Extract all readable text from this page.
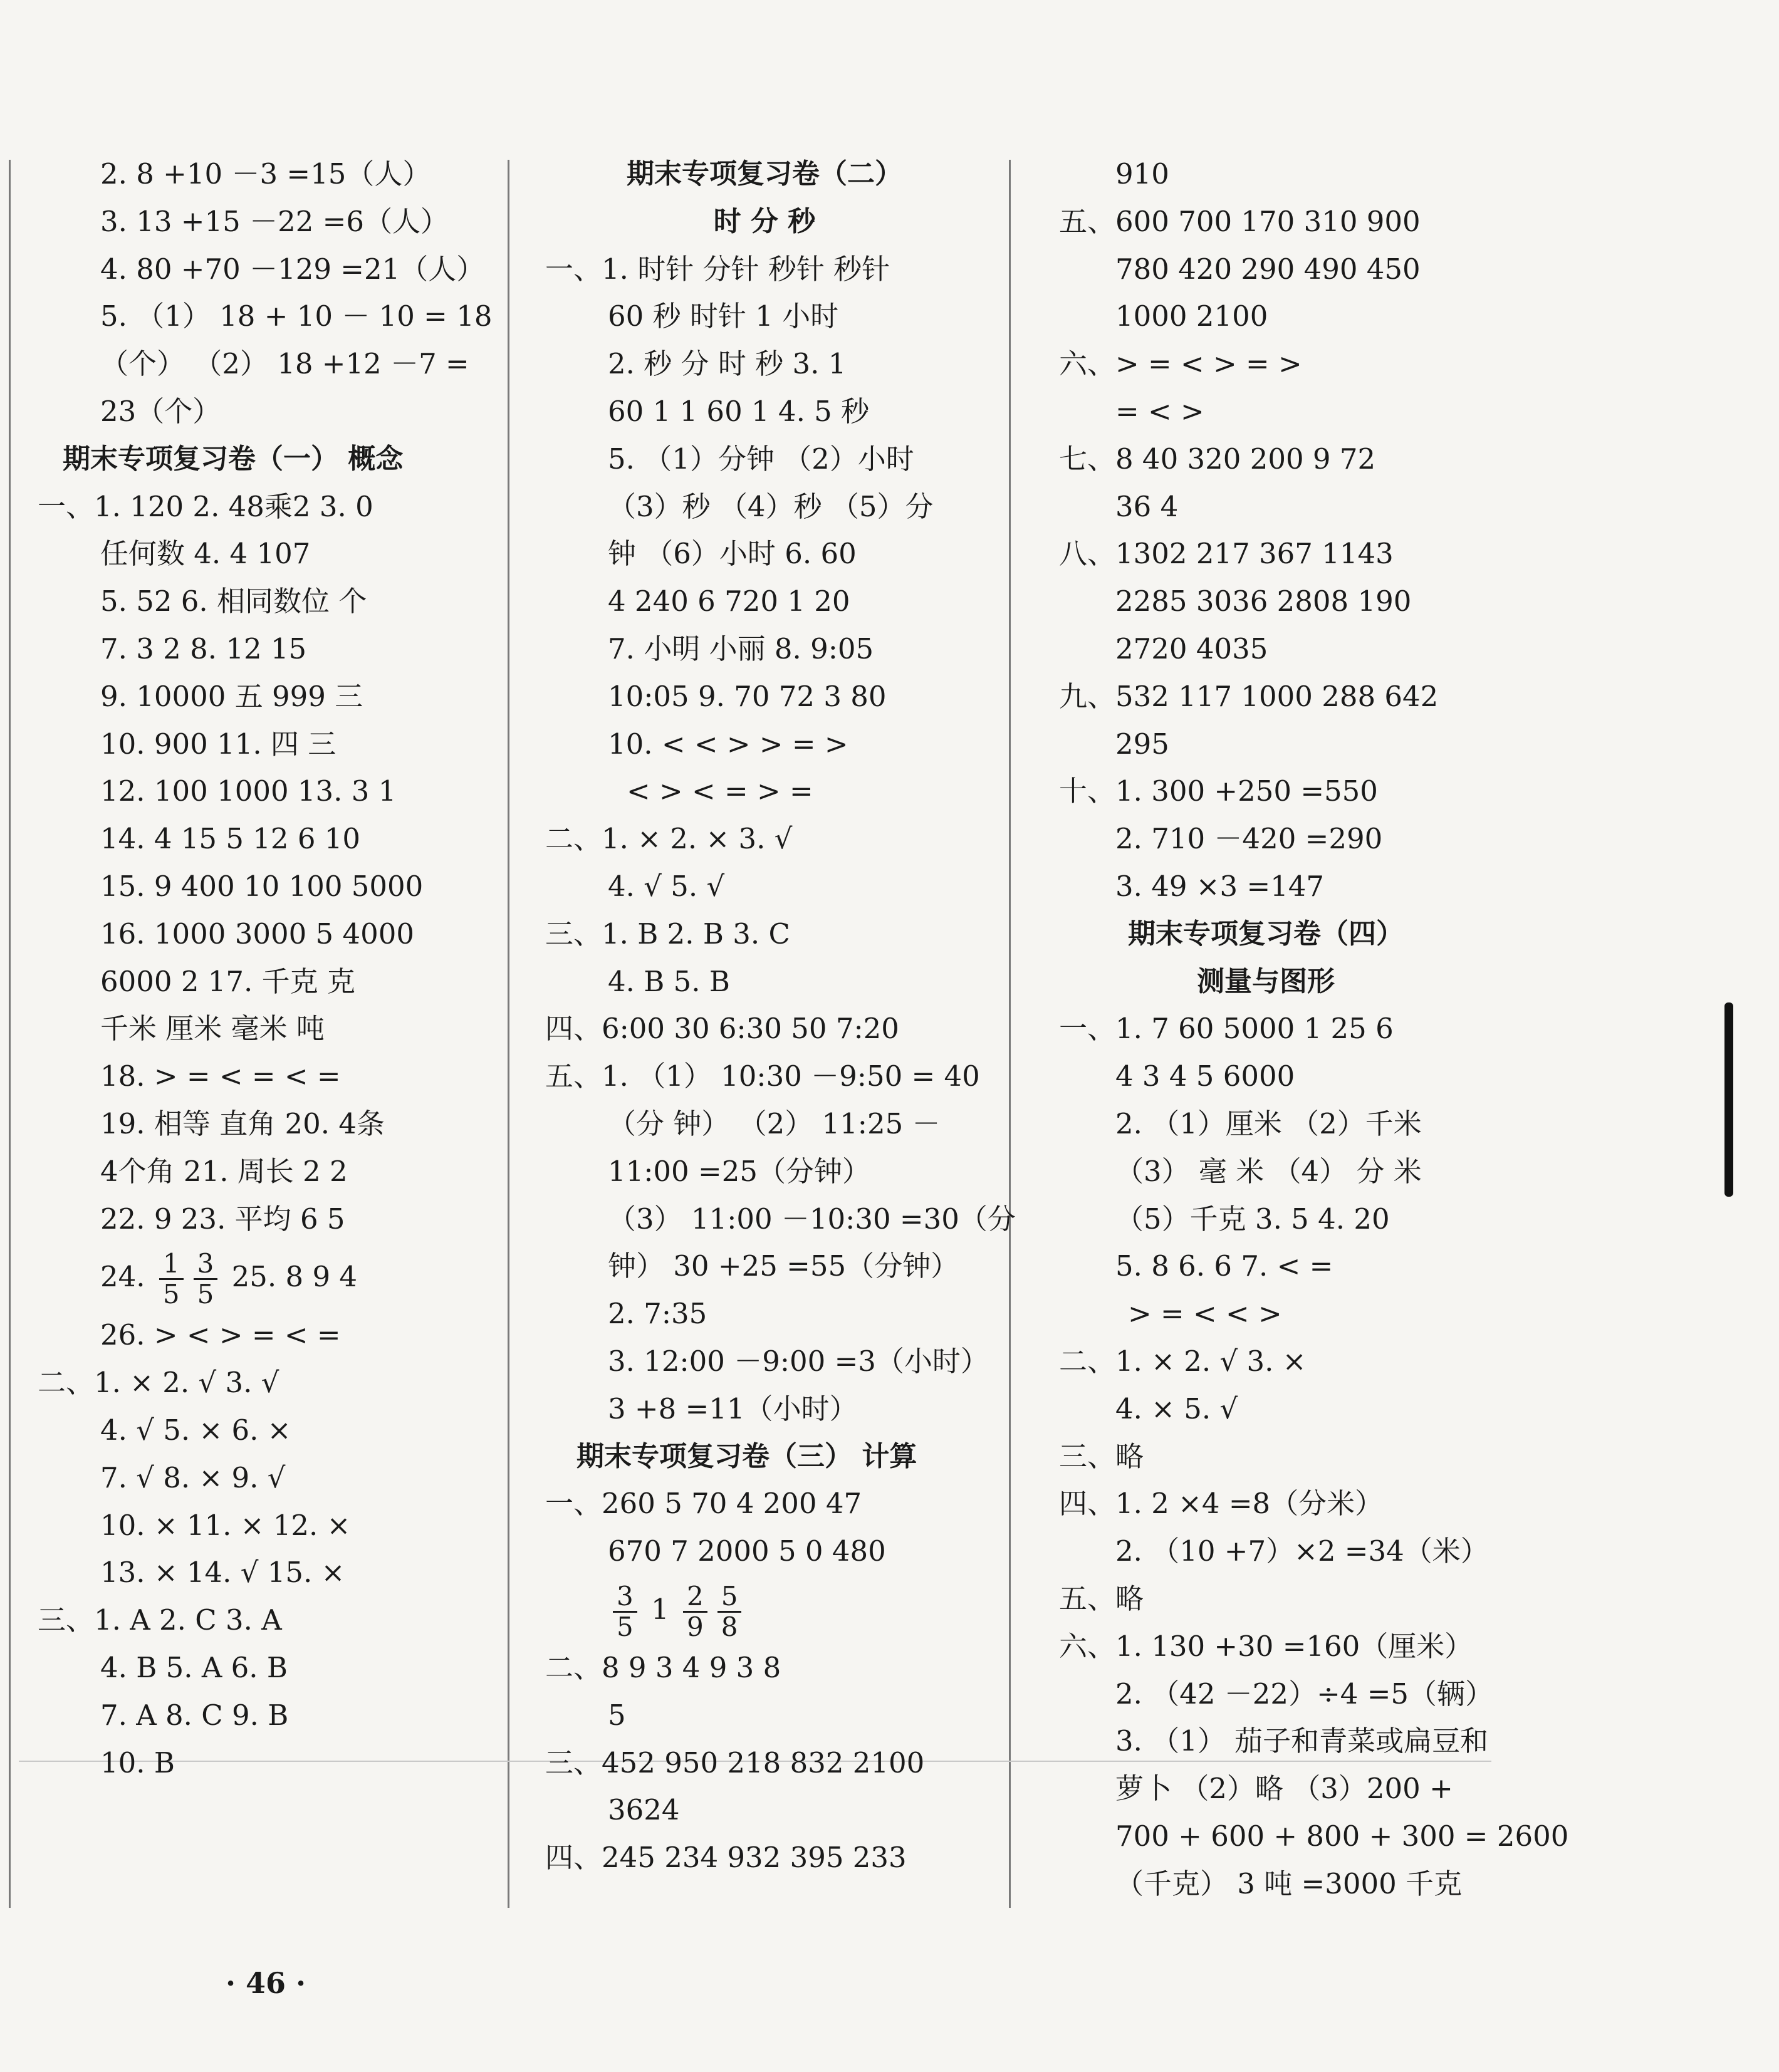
2. 8 +10 －3 =15（人）
3. 13 +15 －22 =6（人）
4. 80 +70 －129 =21（人）
5. （1） 18 + 10 － 10 = 18
（个） （2） 18 +12 －7 =
23（个）
期末专项复习卷（一） 概念
一、1. 120 2. 48乘2 3. 0
任何数 4. 4 107
5. 52 6. 相同数位 个
7. 3 2 8. 12 15
9. 10000 五 999 三
10. 900 11. 四 三
12. 100 1000 13. 3 1
14. 4 15 5 12 6 10
15. 9 400 10 100 5000
16. 1000 3000 5 4000
6000 2 17. 千克 克
千米 厘米 毫米 吨
18. > = < = < =
19. 相等 直角 20. 4条
4个角 21. 周长 2 2
22. 9 23. 平均 6 5
24. $\frac{1}{5} \frac{3}{5} 25$. 8 9 4
26. > < > = < =
二、1. × 2. √ 3. √
4. √ 5. × 6. ×
7. √ 8. × 9. √
10. × 11. × 12. ×
13. × 14. √ 15. ×
三、1. A 2. C 3. A
4. B 5. A 6. B
7. A 8. C 9. B
10. B
期末专项复习卷（二）
时 分 秒
一、1. 时针 分针 秒针 秒针
60 秒 时针 1 小时
2. 秒 分 时 秒 3. 1
60 1 1 60 1 4. 5 秒
5. （1）分钟 （2）小时
（3）秒 （4）秒 （5）分
钟 （6）小时 6. 60
4 240 6 720 1 20
7. 小明 小丽 8. 9:05
10:05 9. 70 72 3 80
10. < < > > = >
< > < = > =
二、1. × 2. × 3. √
4. √ 5. √
三、1. B 2. B 3. C
4. B 5. B
四、6:00 30 6:30 50 7:20
五、1. （1） 10:30 －9:50 = 40
（分 钟） （2） 11:25 －
11:00 =25（分钟）
（3） 11:00 －10:30 =30（分
钟） 30 +25 =55（分钟）
2. 7:35
3. 12:00 －9:00 =3（小时）
3 +8 =11（小时）
期末专项复习卷（三） 计算
一、260 5 70 4 200 47
670 7 2000 5 0 480
$\frac{3}{5} 1 \frac{2}{9} \frac{5}{8}$
二、8 9 3 4 9 3 8
5
三、452 950 218 832 2100
3624
四、245 234 932 395 233
910
五、600 700 170 310 900
780 420 290 490 450
1000 2100
六、> = < > = >
= < >
七、8 40 320 200 9 72
36 4
八、1302 217 367 1143
2285 3036 2808 190
2720 4035
九、532 117 1000 288 642
295
十、1. 300 +250 =550
2. 710 －420 =290
3. 49 ×3 =147
期末专项复习卷（四）
测量与图形
一、1. 7 60 5000 1 25 6
4 3 4 5 6000
2. （1）厘米 （2）千米
（3） 毫 米 （4） 分 米
（5）千克 3. 5 4. 20
5. 8 6. 6 7. < =
> = < < >
二、1. × 2. √ 3. ×
4. × 5. √
三、略
四、1. 2 ×4 =8（分米）
2. （10 +7）×2 =34（米）
五、略
六、1. 130 +30 =160（厘米）
2. （42 －22）÷4 =5（辆）
3. （1） 茄子和青菜或扁豆和
萝卜 （2）略 （3）200 +
700 + 600 + 800 + 300 = 2600
（千克） 3 吨 =3000 千克
· 46 ·
